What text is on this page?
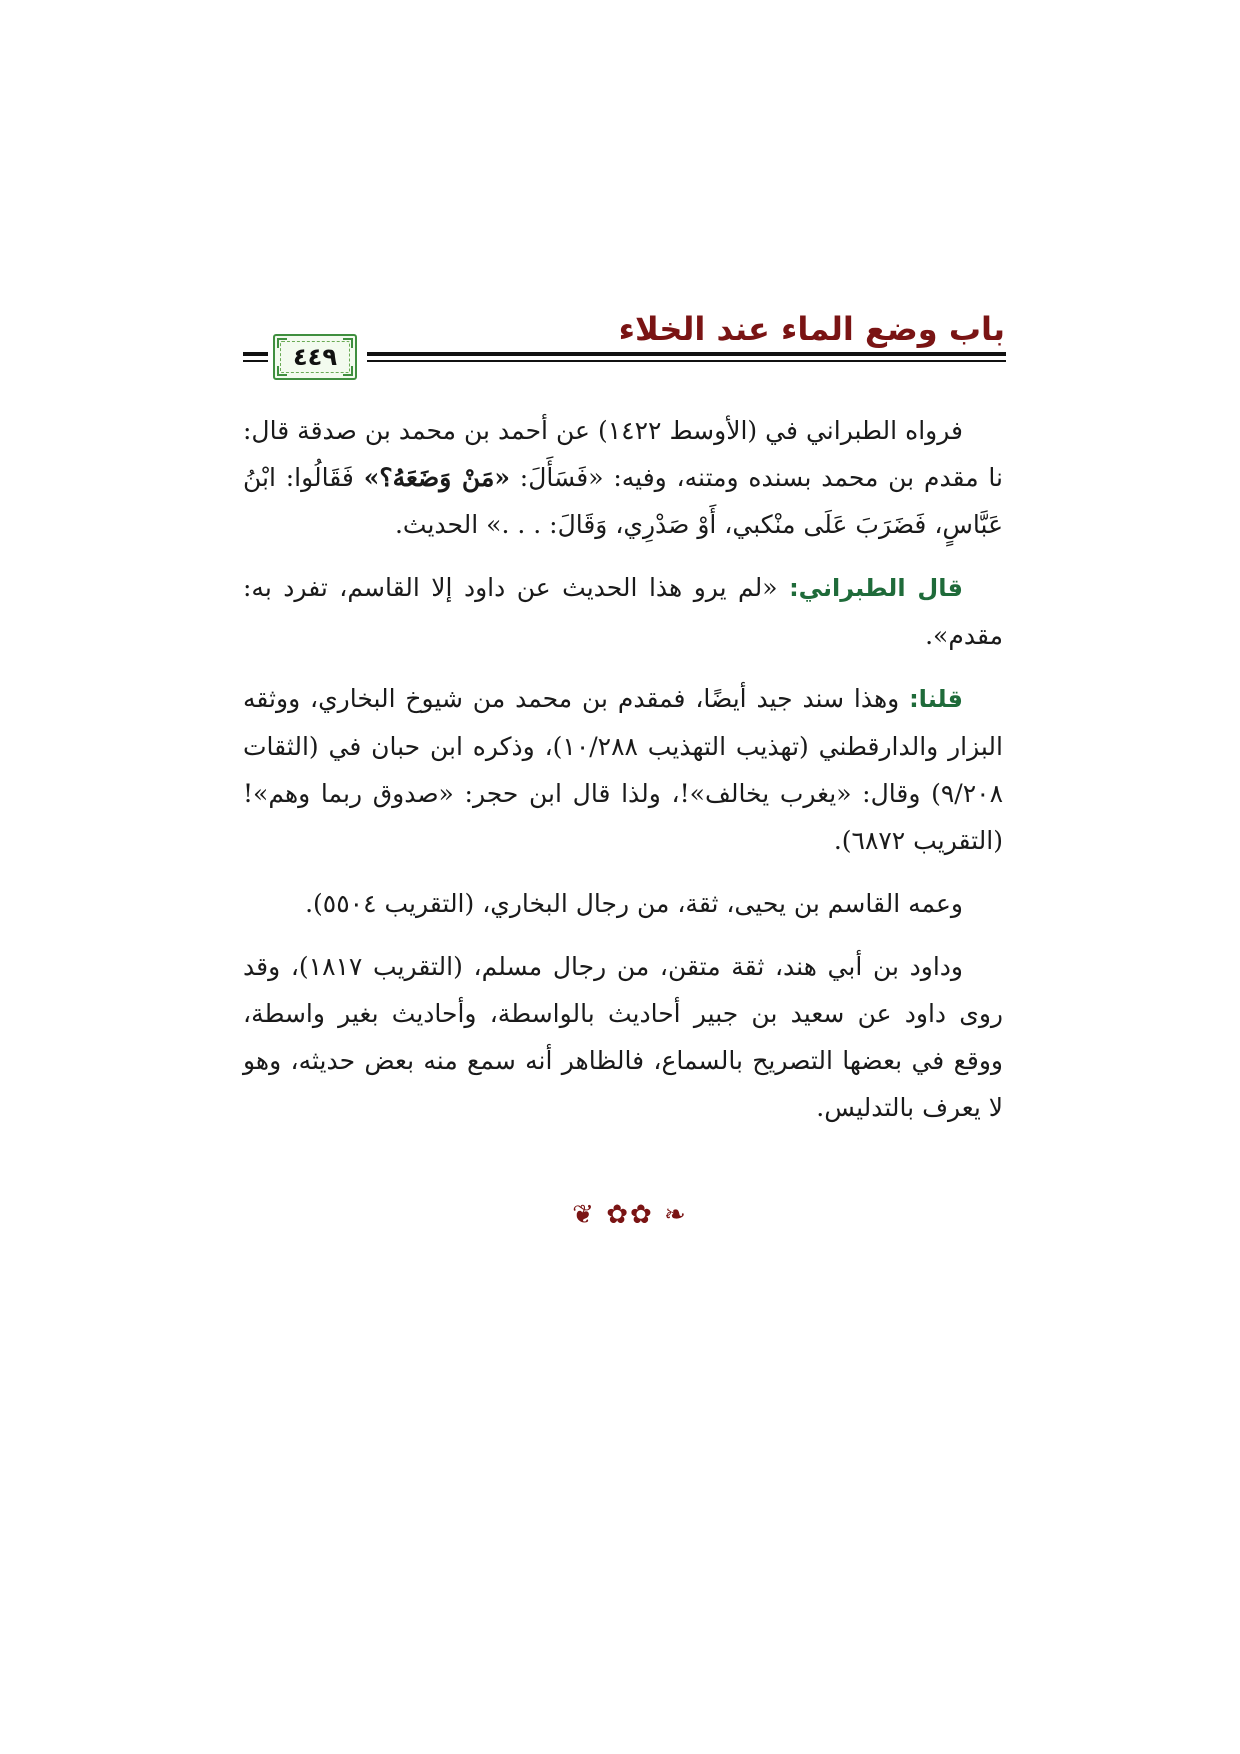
باب وضع الماء عند الخلاء
٤٤٩

فرواه الطبراني في (الأوسط ١٤٢٢) عن أحمد بن محمد بن صدقة قال: نا مقدم بن محمد بسنده ومتنه، وفيه: «فَسَأَلَ: «مَنْ وَضَعَهُ؟» فَقَالُوا: ابْنُ عَبَّاسٍ، فَضَرَبَ عَلَى منْكبي، أَوْ صَدْرِي، وَقَالَ: . . .» الحديث.

قال الطبراني: «لم يرو هذا الحديث عن داود إلا القاسم، تفرد به: مقدم».

قلنا: وهذا سند جيد أيضًا، فمقدم بن محمد من شيوخ البخاري، ووثقه البزار والدارقطني (تهذيب التهذيب ١٠/٢٨٨)، وذكره ابن حبان في (الثقات ٩/٢٠٨) وقال: «يغرب يخالف»!، ولذا قال ابن حجر: «صدوق ربما وهم»! (التقريب ٦٨٧٢).

وعمه القاسم بن يحيى، ثقة، من رجال البخاري، (التقريب ٥٥٠٤).

وداود بن أبي هند، ثقة متقن، من رجال مسلم، (التقريب ١٨١٧)، وقد روى داود عن سعيد بن جبير أحاديث بالواسطة، وأحاديث بغير واسطة، ووقع في بعضها التصريح بالسماع، فالظاهر أنه سمع منه بعض حديثه، وهو لا يعرف بالتدليس.

❦ ✿✿ ❧
